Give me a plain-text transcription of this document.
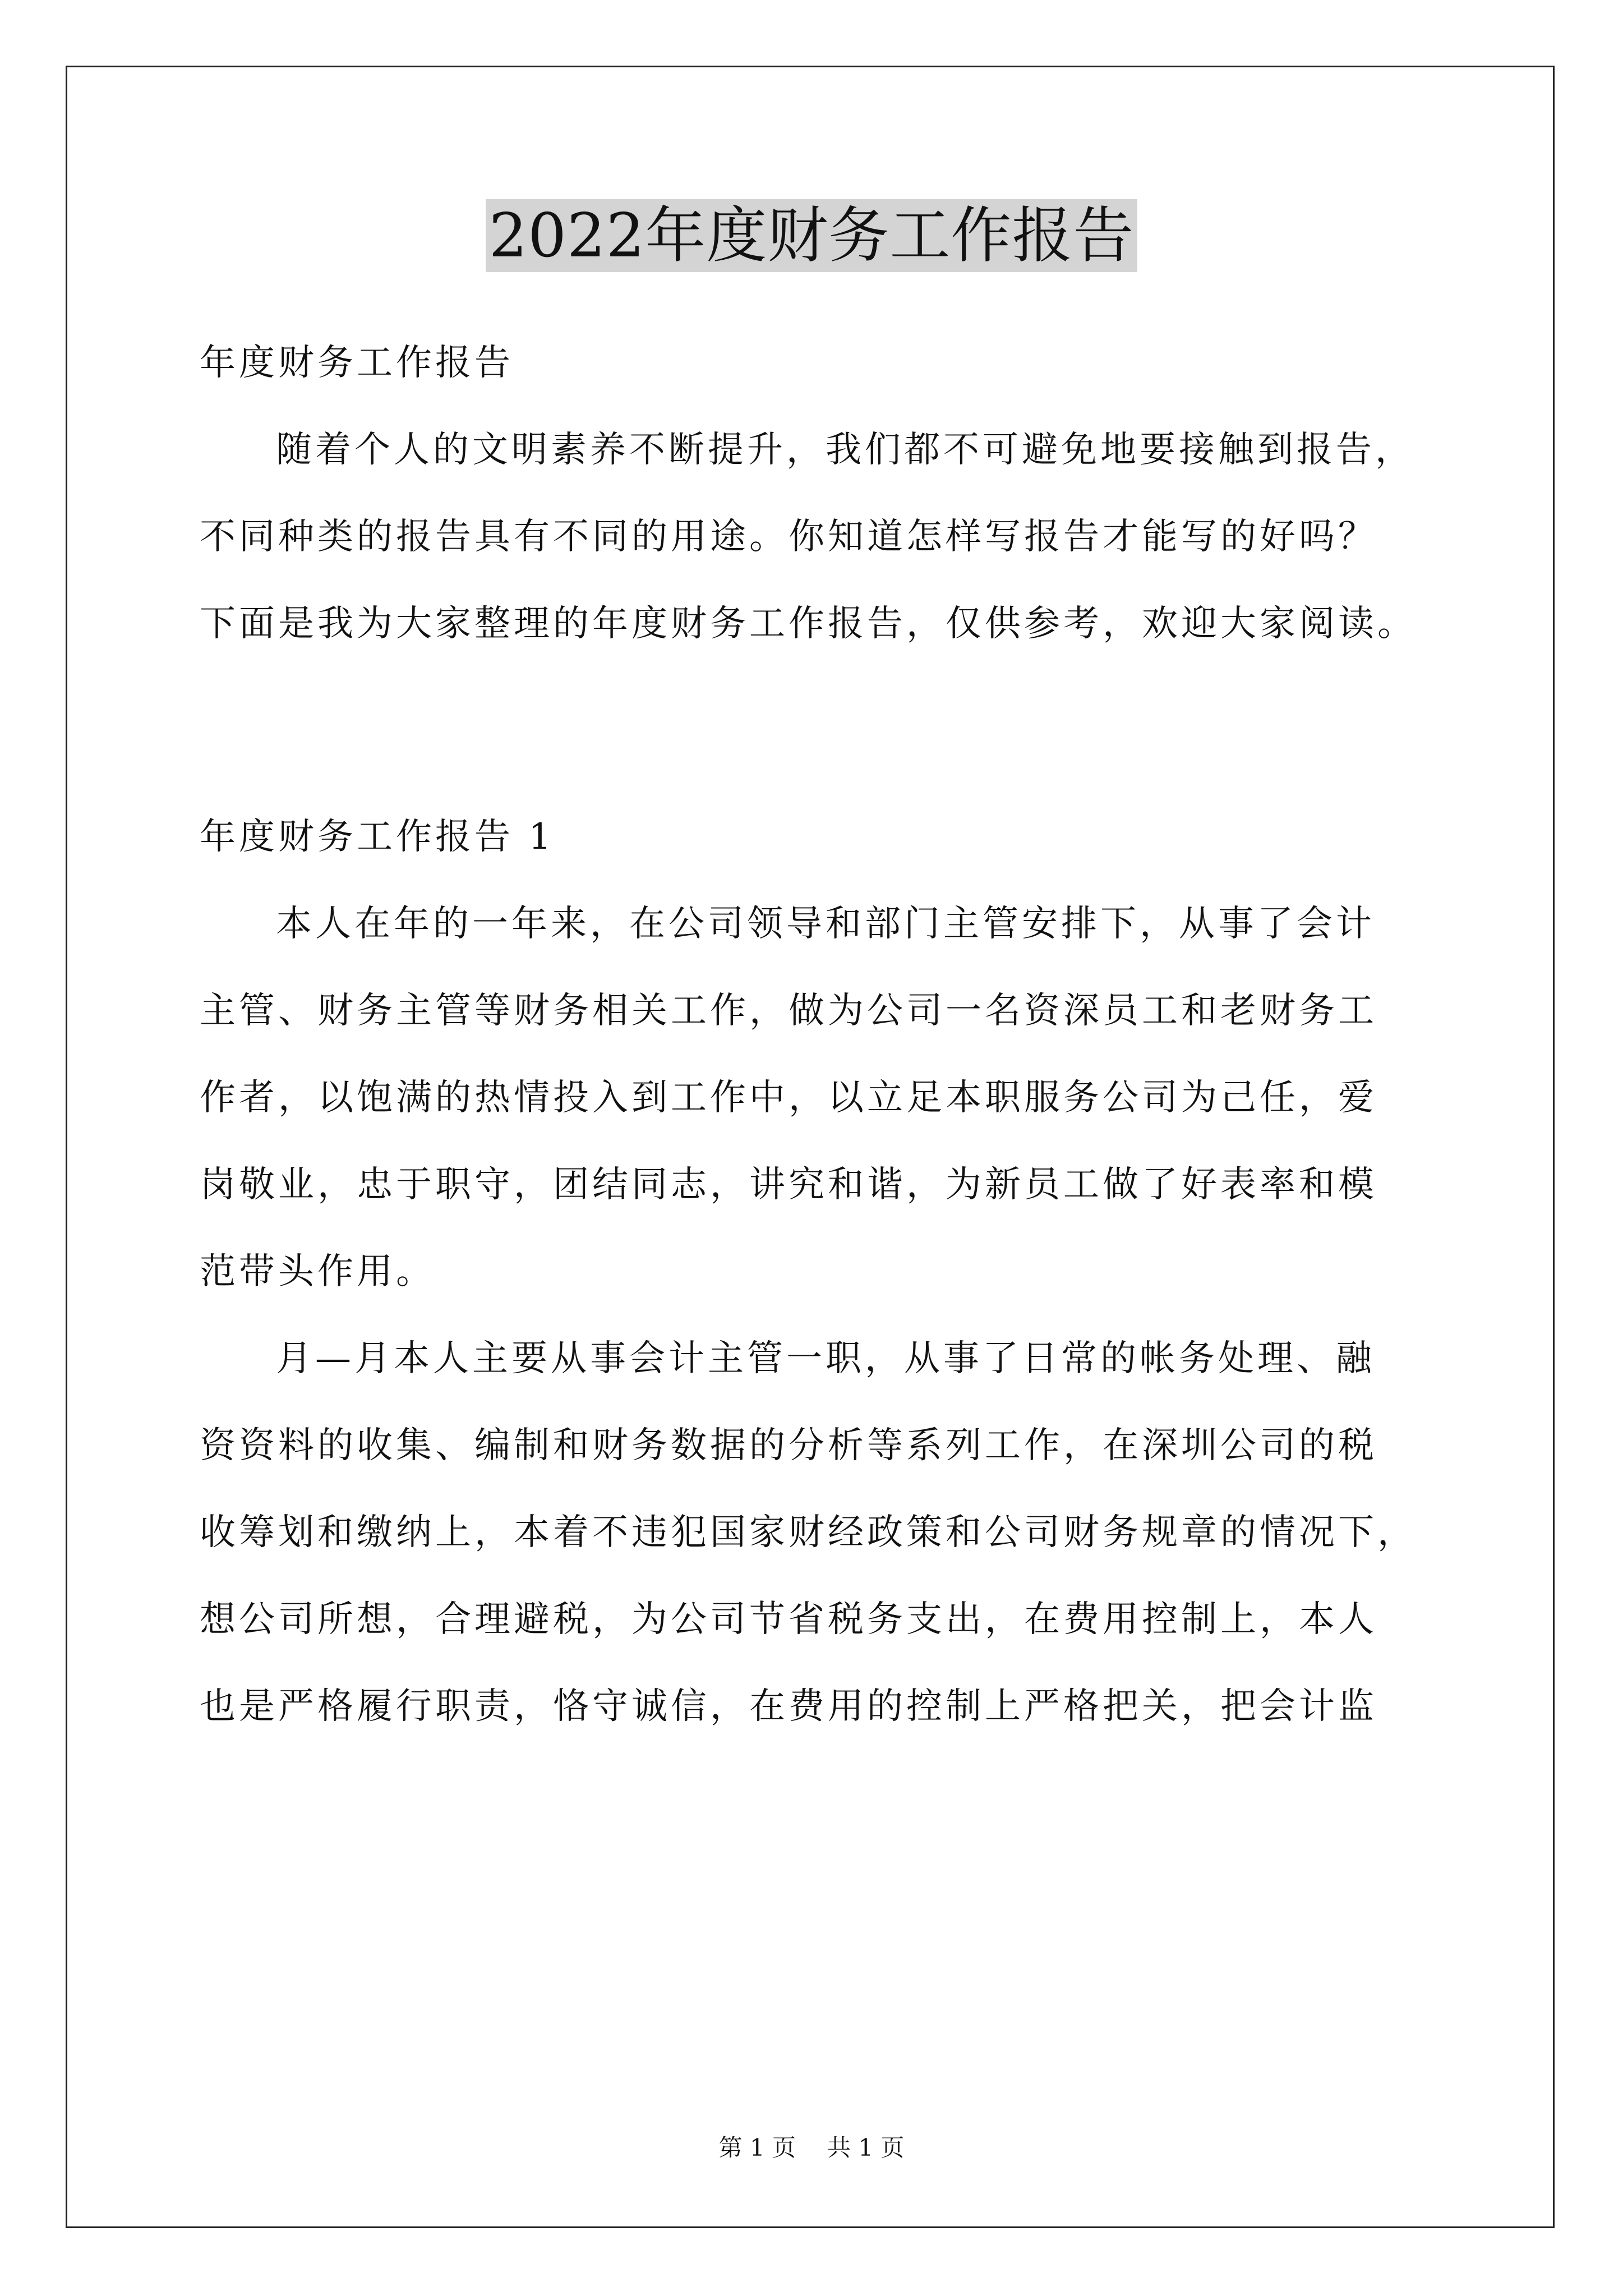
2022年度财务工作报告
年度财务工作报告
随着个人的文明素养不断提升，我们都不可避免地要接触到报告，
不同种类的报告具有不同的用途。你知道怎样写报告才能写的好吗？
下面是我为大家整理的年度财务工作报告，仅供参考，欢迎大家阅读。
年度财务工作报告 1
本人在年的一年来，在公司领导和部门主管安排下，从事了会计
主管、财务主管等财务相关工作，做为公司一名资深员工和老财务工
作者，以饱满的热情投入到工作中，以立足本职服务公司为己任，爱
岗敬业，忠于职守，团结同志，讲究和谐，为新员工做了好表率和模
范带头作用。
月—月本人主要从事会计主管一职，从事了日常的帐务处理、融
资资料的收集、编制和财务数据的分析等系列工作，在深圳公司的税
收筹划和缴纳上，本着不违犯国家财经政策和公司财务规章的情况下，
想公司所想，合理避税，为公司节省税务支出，在费用控制上，本人
也是严格履行职责，恪守诚信，在费用的控制上严格把关，把会计监
第 1 页 共 1 页
